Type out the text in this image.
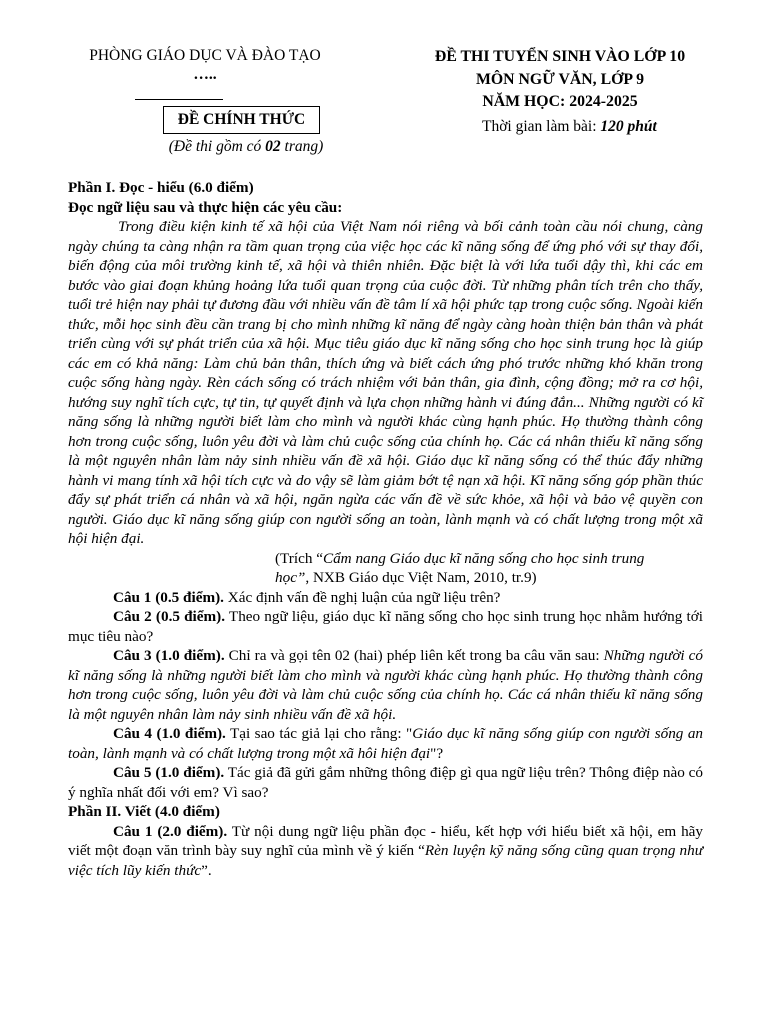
PHÒNG GIÁO DỤC VÀ ĐÀO TẠO
…..
ĐỀ CHÍNH THỨC
(Đề thi gồm có 02 trang)
ĐỀ THI TUYỂN SINH VÀO LỚP 10
MÔN NGỮ VĂN, LỚP 9
NĂM HỌC: 2024-2025
Thời gian làm bài: 120 phút

Phần I. Đọc - hiểu (6.0 điểm)

Đọc ngữ liệu sau và thực hiện các yêu cầu:

Trong điều kiện kinh tế xã hội của Việt Nam nói riêng và bối cảnh toàn cầu nói chung, càng ngày chúng ta càng nhận ra tầm quan trọng của việc học các kĩ năng sống để ứng phó với sự thay đổi, biến động của môi trường kinh tế, xã hội và thiên nhiên. Đặc biệt là với lứa tuổi dậy thì, khi các em bước vào giai đoạn khủng hoảng lứa tuổi quan trọng của cuộc đời. Từ những phân tích trên cho thấy, tuổi trẻ hiện nay phải tự đương đầu với nhiều vấn đề tâm lí xã hội phức tạp trong cuộc sống. Ngoài kiến thức, mỗi học sinh đều cần trang bị cho mình những kĩ năng để ngày càng hoàn thiện bản thân và phát triển cùng với sự phát triển của xã hội. Mục tiêu giáo dục kĩ năng sống cho học sinh trung học là giúp các em có khả năng: Làm chủ bản thân, thích ứng và biết cách ứng phó trước những khó khăn trong cuộc sống hàng ngày. Rèn cách sống có trách nhiệm với bản thân, gia đình, cộng đồng; mở ra cơ hội, hướng suy nghĩ tích cực, tự tin, tự quyết định và lựa chọn những hành vi đúng đắn... Những người có kĩ năng sống là những người biết làm cho mình và người khác cùng hạnh phúc. Họ thường thành công hơn trong cuộc sống, luôn yêu đời và làm chủ cuộc sống của chính họ. Các cá nhân thiếu kĩ năng sống là một nguyên nhân làm nảy sinh nhiều vấn đề xã hội. Giáo dục kĩ năng sống có thể thúc đẩy những hành vi mang tính xã hội tích cực và do vậy sẽ làm giảm bớt tệ nạn xã hội. Kĩ năng sống góp phần thúc đẩy sự phát triển cá nhân và xã hội, ngăn ngừa các vấn đề về sức khỏe, xã hội và bảo vệ quyền con người. Giáo dục kĩ năng sống giúp con người sống an toàn, lành mạnh và có chất lượng trong một xã hội hiện đại.

(Trích “Cẩm nang Giáo dục kĩ năng sống cho học sinh trung học”, NXB Giáo dục Việt Nam, 2010, tr.9)

Câu 1 (0.5 điểm). Xác định vấn đề nghị luận của ngữ liệu trên?

Câu 2 (0.5 điểm). Theo ngữ liệu, giáo dục kĩ năng sống cho học sinh trung học nhằm hướng tới mục tiêu nào?

Câu 3 (1.0 điểm). Chỉ ra và gọi tên 02 (hai) phép liên kết trong ba câu văn sau: Những người có kĩ năng sống là những người biết làm cho mình và người khác cùng hạnh phúc. Họ thường thành công hơn trong cuộc sống, luôn yêu đời và làm chủ cuộc sống của chính họ. Các cá nhân thiếu kĩ năng sống là một nguyên nhân làm nảy sinh nhiều vấn đề xã hội.

Câu 4 (1.0 điểm). Tại sao tác giả lại cho rằng: "Giáo dục kĩ năng sống giúp con người sống an toàn, lành mạnh và có chất lượng trong một xã hôi hiện đại"?

Câu 5 (1.0 điểm). Tác giả đã gửi gắm những thông điệp gì qua ngữ liệu trên? Thông điệp nào có ý nghĩa nhất đối với em? Vì sao?

Phần II. Viết (4.0 điểm)

Câu 1 (2.0 điểm). Từ nội dung ngữ liệu phần đọc - hiểu, kết hợp với hiểu biết xã hội, em hãy viết một đoạn văn trình bày suy nghĩ của mình về ý kiến “Rèn luyện kỹ năng sống cũng quan trọng như việc tích lũy kiến thức”.
